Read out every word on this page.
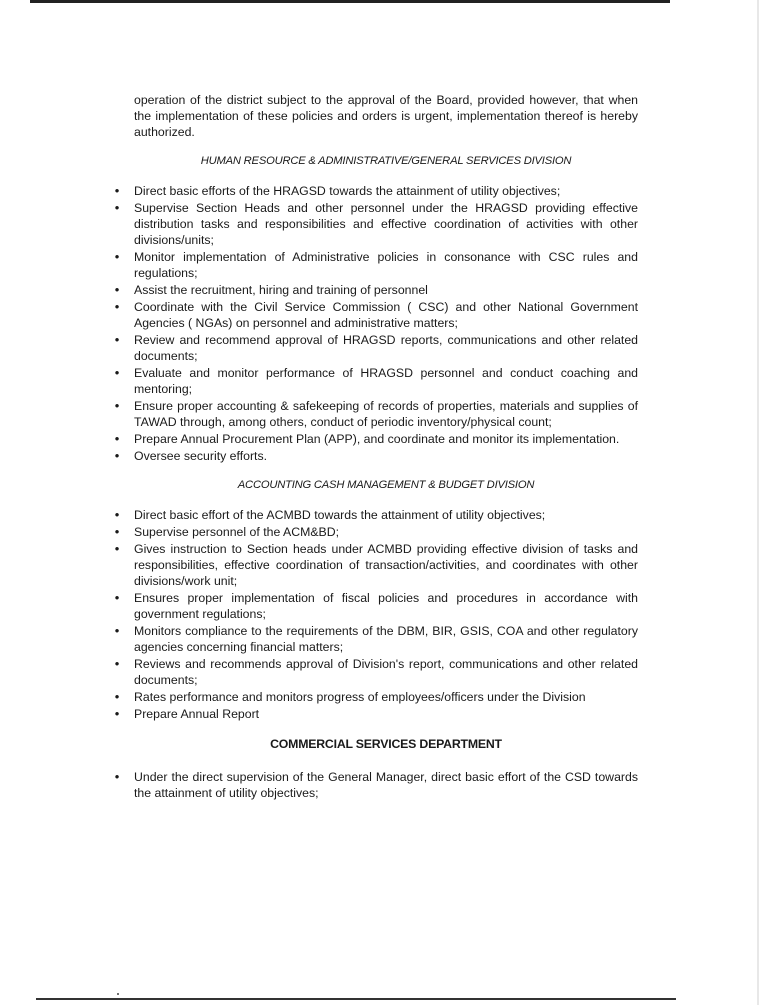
operation of the district subject to the approval of the Board, provided however, that when the implementation of these policies and orders is urgent, implementation thereof is hereby authorized.

HUMAN RESOURCE & ADMINISTRATIVE/GENERAL SERVICES DIVISION

• Direct basic efforts of the HRAGSD towards the attainment of utility objectives;
• Supervise Section Heads and other personnel under the HRAGSD providing effective distribution tasks and responsibilities and effective coordination of activities with other divisions/units;
• Monitor implementation of Administrative policies in consonance with CSC rules and regulations;
• Assist the recruitment, hiring and training of personnel
• Coordinate with the Civil Service Commission ( CSC) and other National Government Agencies ( NGAs) on personnel and administrative matters;
• Review and recommend approval of HRAGSD reports, communications and other related documents;
• Evaluate and monitor performance of HRAGSD personnel and conduct coaching and mentoring;
• Ensure proper accounting & safekeeping of records of properties, materials and supplies of TAWAD through, among others, conduct of periodic inventory/physical count;
• Prepare Annual Procurement Plan (APP), and coordinate and monitor its implementation.
• Oversee security efforts.

ACCOUNTING CASH MANAGEMENT & BUDGET DIVISION

• Direct basic effort of the ACMBD towards the attainment of utility objectives;
• Supervise personnel of the ACM&BD;
• Gives instruction to Section heads under ACMBD providing effective division of tasks and responsibilities, effective coordination of transaction/activities, and coordinates with other divisions/work unit;
• Ensures proper implementation of fiscal policies and procedures in accordance with government regulations;
• Monitors compliance to the requirements of the DBM, BIR, GSIS, COA and other regulatory agencies concerning financial matters;
• Reviews and recommends approval of Division's report, communications and other related documents;
• Rates performance and monitors progress of employees/officers under the Division
• Prepare Annual Report

COMMERCIAL SERVICES DEPARTMENT

• Under the direct supervision of the General Manager, direct basic effort of the CSD towards the attainment of utility objectives;
